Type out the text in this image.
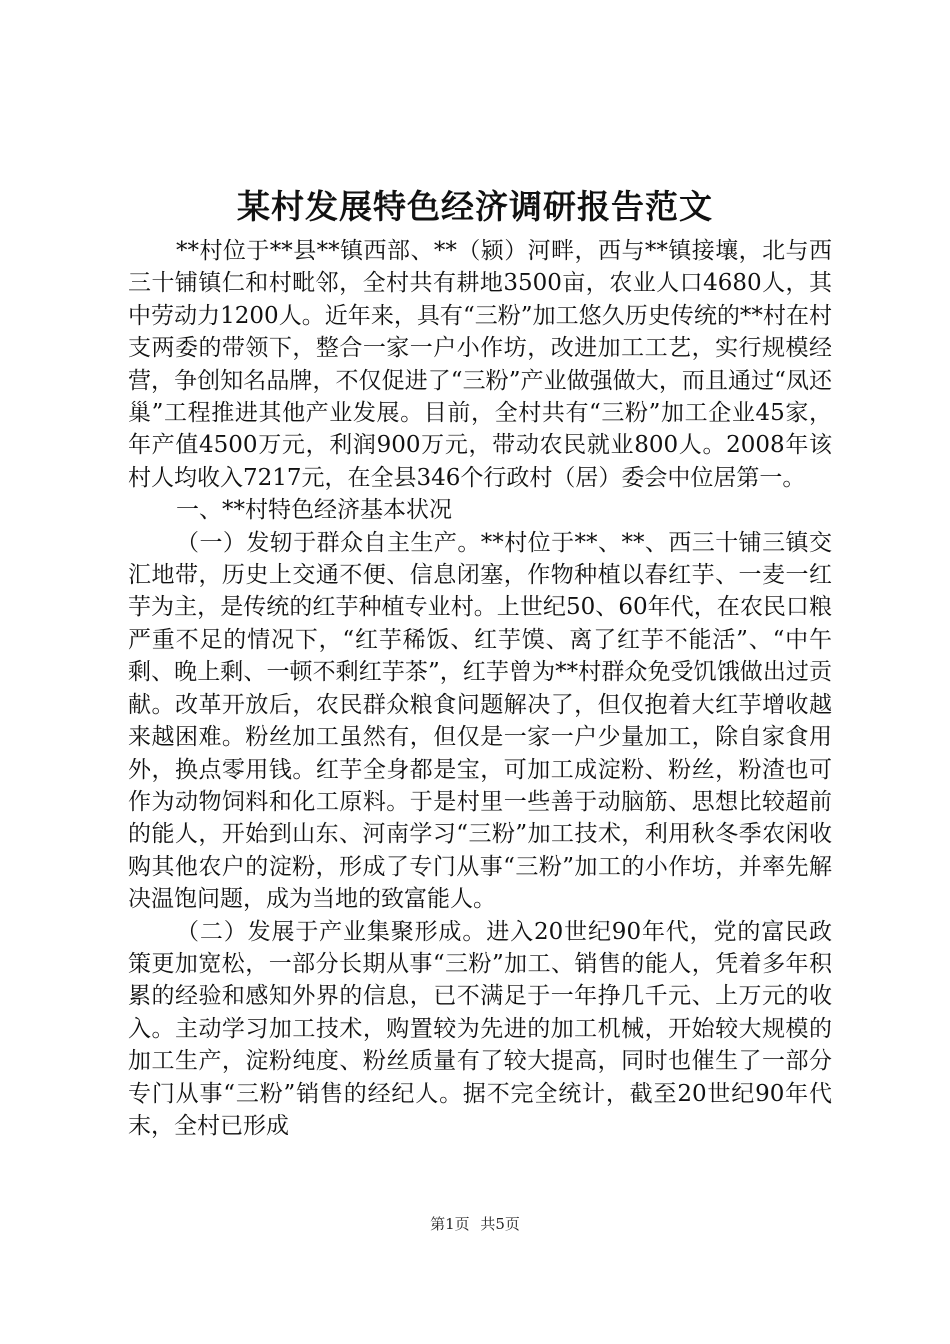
某村发展特色经济调研报告范文

**村位于**县**镇西部、**（颍）河畔，西与**镇接壤，北与西三十铺镇仁和村毗邻，全村共有耕地3500亩，农业人口4680人，其中劳动力1200人。近年来，具有“三粉”加工悠久历史传统的**村在村支两委的带领下，整合一家一户小作坊，改进加工工艺，实行规模经营，争创知名品牌，不仅促进了“三粉”产业做强做大，而且通过“凤还巢”工程推进其他产业发展。目前，全村共有“三粉”加工企业45家，年产值4500万元，利润900万元，带动农民就业800人。2008年该村人均收入7217元，在全县346个行政村（居）委会中位居第一。

一、**村特色经济基本状况

（一）发轫于群众自主生产。**村位于**、**、西三十铺三镇交汇地带，历史上交通不便、信息闭塞，作物种植以春红芋、一麦一红芋为主，是传统的红芋种植专业村。上世纪50、60年代，在农民口粮严重不足的情况下，“红芋稀饭、红芋馍、离了红芋不能活”、“中午剩、晚上剩、一顿不剩红芋茶”，红芋曾为**村群众免受饥饿做出过贡献。改革开放后，农民群众粮食问题解决了，但仅抱着大红芋增收越来越困难。粉丝加工虽然有，但仅是一家一户少量加工，除自家食用外，换点零用钱。红芋全身都是宝，可加工成淀粉、粉丝，粉渣也可作为动物饲料和化工原料。于是村里一些善于动脑筋、思想比较超前的能人，开始到山东、河南学习“三粉”加工技术，利用秋冬季农闲收购其他农户的淀粉，形成了专门从事“三粉”加工的小作坊，并率先解决温饱问题，成为当地的致富能人。

（二）发展于产业集聚形成。进入20世纪90年代，党的富民政策更加宽松，一部分长期从事“三粉”加工、销售的能人，凭着多年积累的经验和感知外界的信息，已不满足于一年挣几千元、上万元的收入。主动学习加工技术，购置较为先进的加工机械，开始较大规模的加工生产，淀粉纯度、粉丝质量有了较大提高，同时也催生了一部分专门从事“三粉”销售的经纪人。据不完全统计，截至20世纪90年代末，全村已形成

第1页 共5页
